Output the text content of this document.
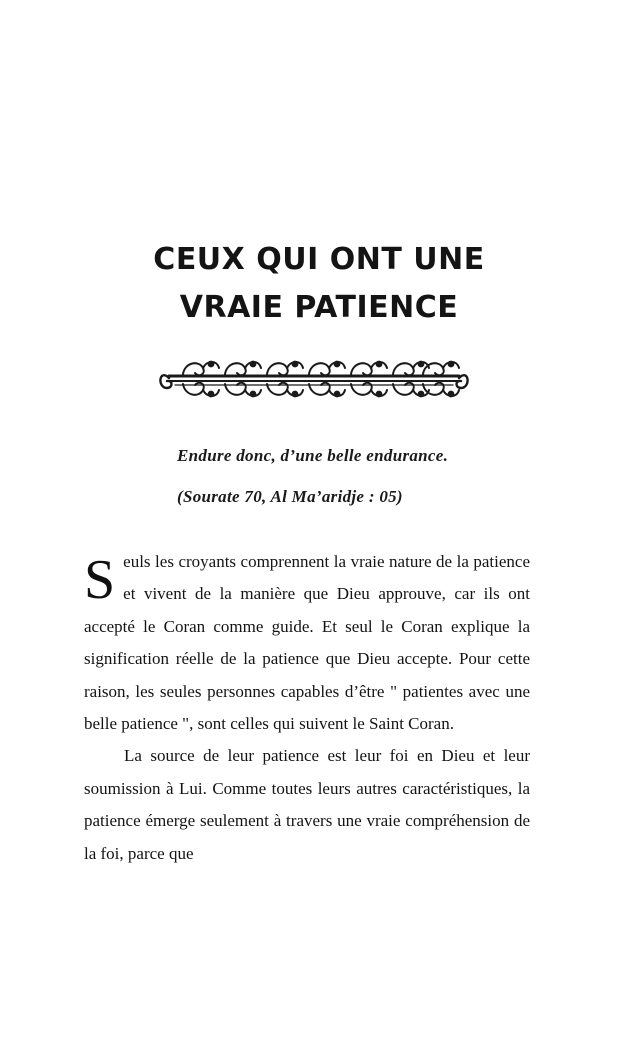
CEUX QUI ONT UNE
VRAIE PATIENCE
Endure donc, d’une belle endurance.
(Sourate 70, Al Ma’aridje : 05)

Seuls les croyants comprennent la vraie nature de la patience et vivent de la manière que Dieu approuve, car ils ont accepté le Coran comme guide. Et seul le Coran explique la signification réelle de la patience que Dieu accepte. Pour cette raison, les seules personnes capables d’être " patientes avec une belle patience ", sont celles qui suivent le Saint Coran.

La source de leur patience est leur foi en Dieu et leur soumission à Lui. Comme toutes leurs autres caractéristiques, la patience émerge seulement à travers une vraie compréhension de la foi, parce que
